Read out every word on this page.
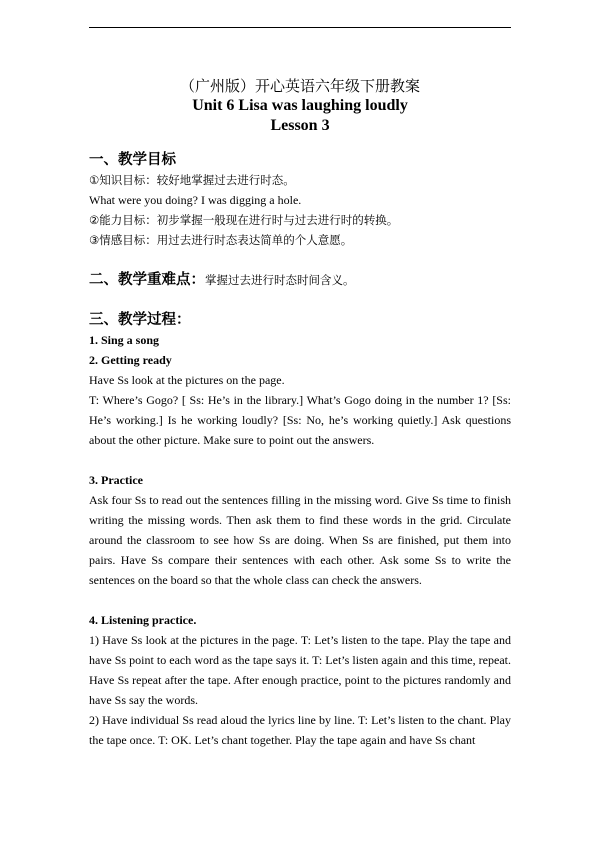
（广州版）开心英语六年级下册教案
Unit 6 Lisa was laughing loudly
Lesson 3
一、教学目标

①知识目标：较好地掌握过去进行时态。

What were you doing? I was digging a hole.

②能力目标：初步掌握一般现在进行时与过去进行时的转换。

③情感目标：用过去进行时态表达简单的个人意愿。

二、教学重难点：掌握过去进行时态时间含义。
三、教学过程：

1. Sing a song

2. Getting ready

Have Ss look at the pictures on the page.

T: Where’s Gogo? [ Ss: He’s in the library.] What’s Gogo doing in the number 1? [Ss: He’s working.] Is he working loudly? [Ss: No, he’s working quietly.] Ask questions about the other picture. Make sure to point out the answers.

3. Practice

Ask four Ss to read out the sentences filling in the missing word. Give Ss time to finish writing the missing words. Then ask them to find these words in the grid. Circulate around the classroom to see how Ss are doing. When Ss are finished, put them into pairs. Have Ss compare their sentences with each other. Ask some Ss to write the sentences on the board so that the whole class can check the answers.

4. Listening practice.

1) Have Ss look at the pictures in the page. T: Let’s listen to the tape. Play the tape and have Ss point to each word as the tape says it. T: Let’s listen again and this time, repeat. Have Ss repeat after the tape. After enough practice, point to the pictures randomly and have Ss say the words.

2) Have individual Ss read aloud the lyrics line by line. T: Let’s listen to the chant. Play the tape once. T: OK. Let’s chant together. Play the tape again and have Ss chant
